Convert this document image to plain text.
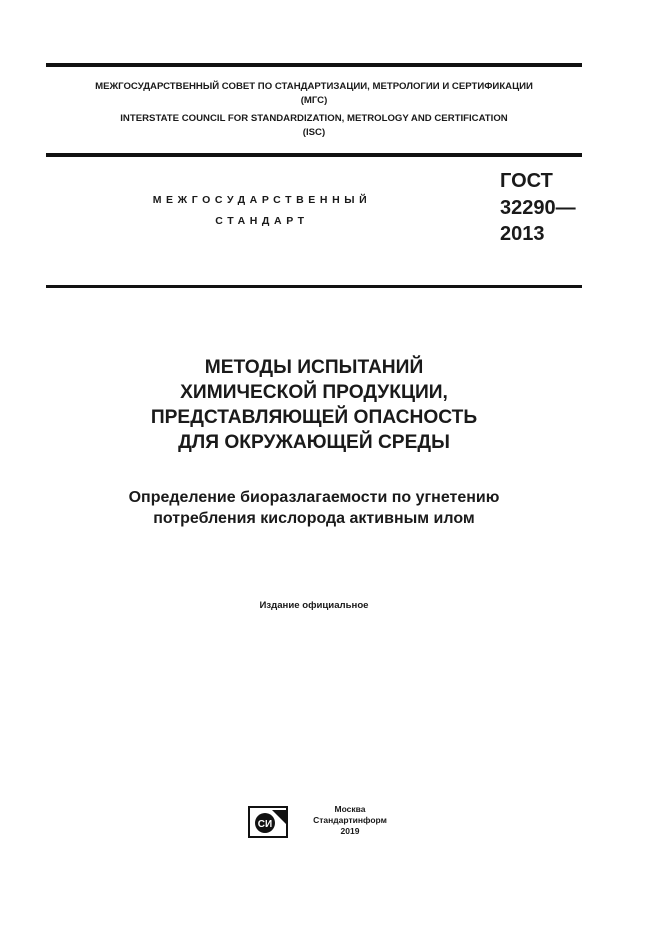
МЕЖГОСУДАРСТВЕННЫЙ СОВЕТ ПО СТАНДАРТИЗАЦИИ, МЕТРОЛОГИИ И СЕРТИФИКАЦИИ
(МГС)
INTERSTATE COUNCIL FOR STANDARDIZATION, METROLOGY AND CERTIFICATION
(ISC)
МЕЖГОСУДАРСТВЕННЫЙ
СТАНДАРТ
ГОСТ
32290—
2013
МЕТОДЫ ИСПЫТАНИЙ
ХИМИЧЕСКОЙ ПРОДУКЦИИ,
ПРЕДСТАВЛЯЮЩЕЙ ОПАСНОСТЬ
ДЛЯ ОКРУЖАЮЩЕЙ СРЕДЫ
Определение биоразлагаемости по угнетению
потребления кислорода активным илом
Издание официальное
СИ
Москва
Стандартинформ
2019
